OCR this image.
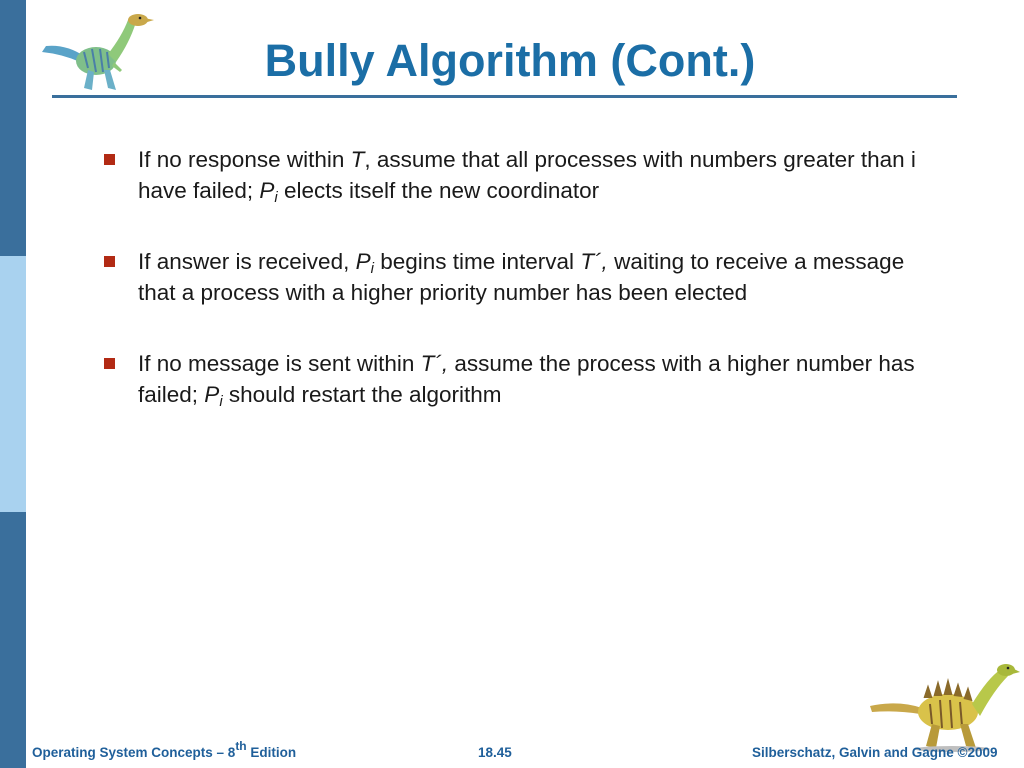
Bully Algorithm (Cont.)
If no response within T, assume that all processes with numbers greater than i have failed; $P_i$ elects itself the new coordinator
If answer is received, $P_i$ begins time interval T´, waiting to receive a message that a process with a higher priority number has been elected
If no message is sent within T´, assume the process with a higher number has failed; $P_i$ should restart the algorithm
Operating System Concepts – 8th Edition	18.45	Silberschatz, Galvin and Gagne ©2009
